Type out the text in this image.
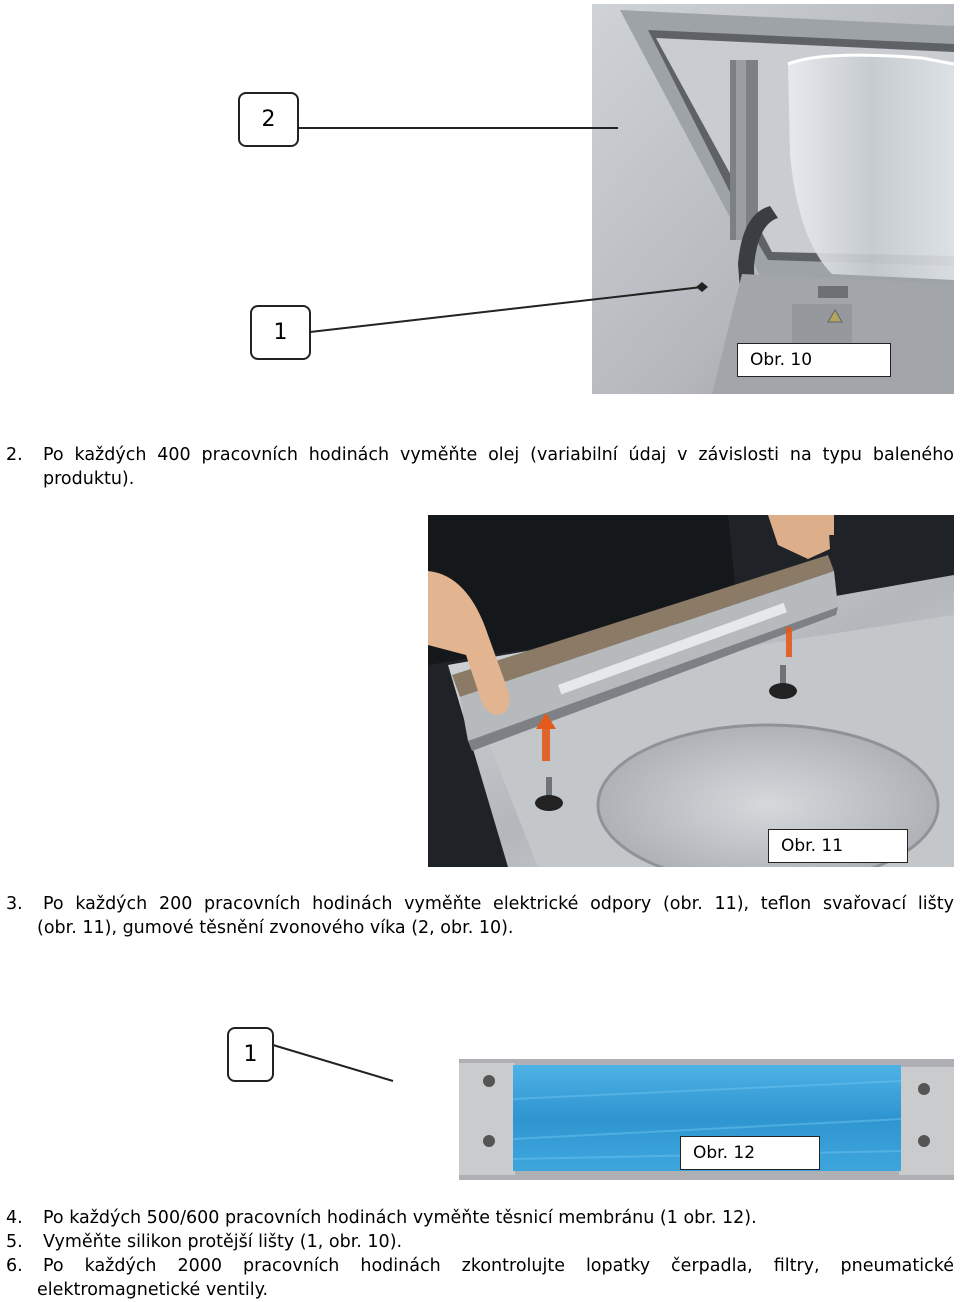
2
1
Obr. 10
2. Po každých 400 pracovních hodinách vyměňte olej (variabilní údaj v závislosti na typu baleného
produktu).
Obr. 11
3. Po každých 200 pracovních hodinách vyměňte elektrické odpory (obr. 11), teflon svařovací lišty
(obr. 11), gumové těsnění zvonového víka (2, obr. 10).
1
Obr. 12
4. Po každých 500/600 pracovních hodinách vyměňte těsnicí membránu (1 obr. 12).
5. Vyměňte silikon protější lišty (1, obr. 10).
6. Po každých 2000 pracovních hodinách zkontrolujte lopatky čerpadla, filtry, pneumatické
elektromagnetické ventily.
